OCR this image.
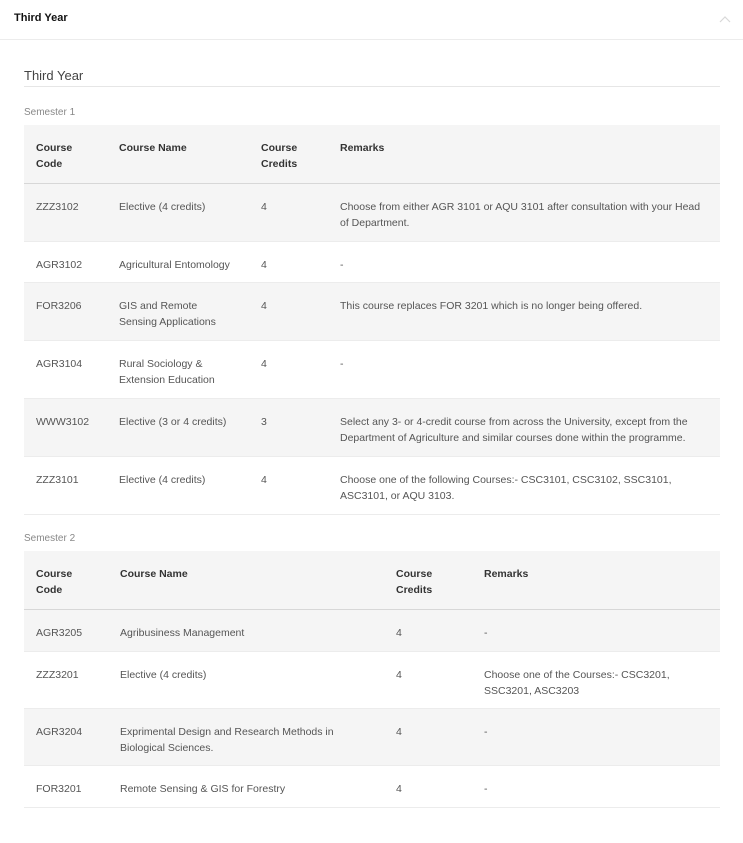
Third Year
Third Year
Semester 1
Course Code	Course Name	Course Credits	Remarks
ZZZ3102	Elective (4 credits)	4	Choose from either AGR 3101 or AQU 3101 after consultation with your Head of Department.
AGR3102	Agricultural Entomology	4	-
FOR3206	GIS and Remote Sensing Applications	4	This course replaces FOR 3201 which is no longer being offered.
AGR3104	Rural Sociology & Extension Education	4	-
WWW3102	Elective (3 or 4 credits)	3	Select any 3- or 4-credit course from across the University, except from the Department of Agriculture and similar courses done within the programme.
ZZZ3101	Elective (4 credits)	4	Choose one of the following Courses:- CSC3101, CSC3102, SSC3101, ASC3101, or AQU 3103.
Semester 2
Course Code	Course Name	Course Credits	Remarks
AGR3205	Agribusiness Management	4	-
ZZZ3201	Elective (4 credits)	4	Choose one of the Courses:- CSC3201, SSC3201, ASC3203
AGR3204	Exprimental Design and Research Methods in Biological Sciences.	4	-
FOR3201	Remote Sensing & GIS for Forestry	4	-
